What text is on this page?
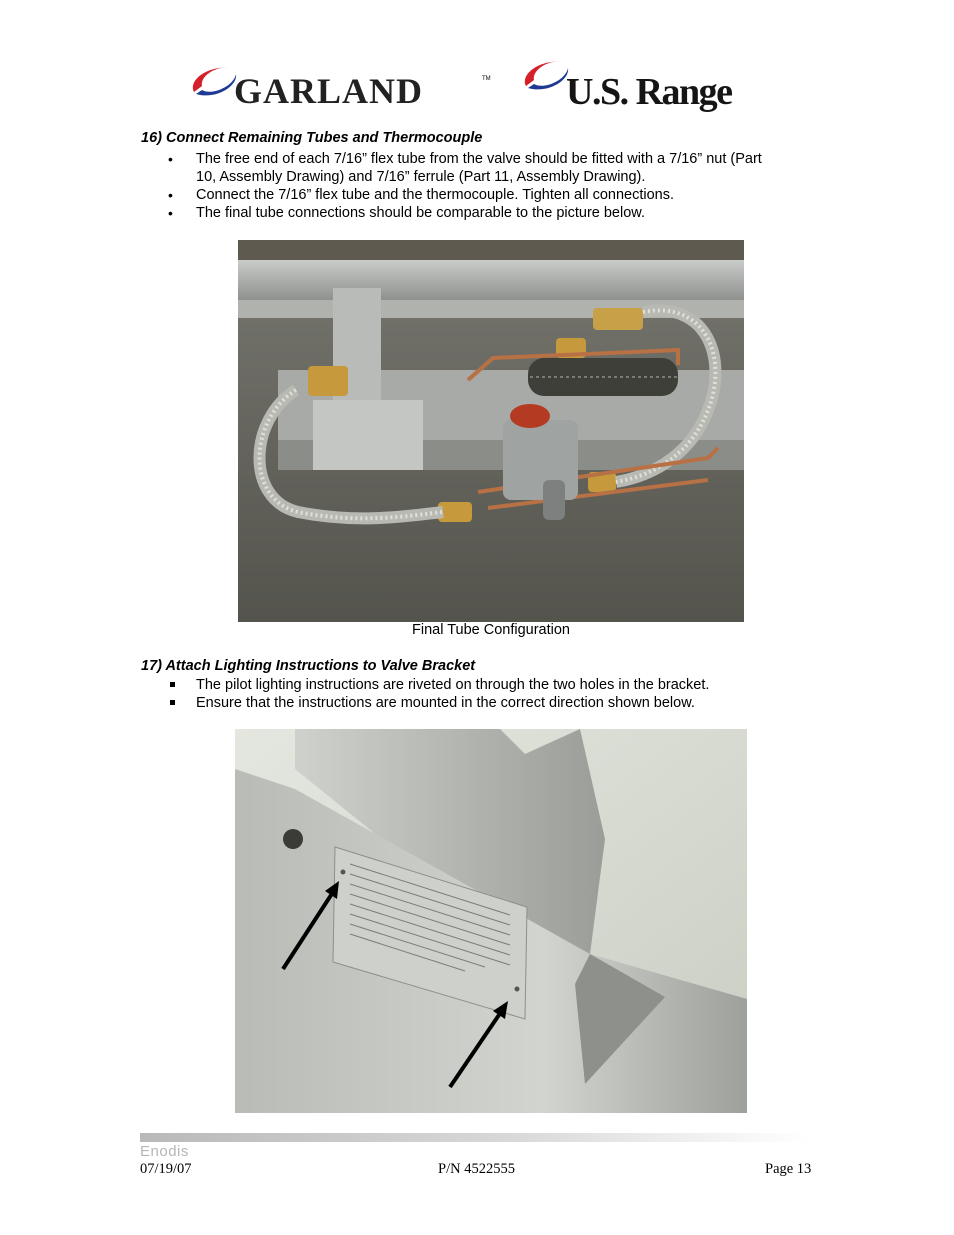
GARLAND	TM U.S. Range
16) Connect Remaining Tubes and Thermocouple
•
The free end of each 7/16” flex tube from the valve should be fitted with a 7/16” nut (Part
10, Assembly Drawing) and 7/16” ferrule (Part 11, Assembly Drawing).
•
Connect the 7/16” flex tube and the thermocouple. Tighten all connections.
•
The final tube connections should be comparable to the picture below.
Final Tube Configuration
17) Attach Lighting Instructions to Valve Bracket
The pilot lighting instructions are riveted on through the two holes in the bracket.
Ensure that the instructions are mounted in the correct direction shown below.
Enodis
07/19/07	P/N 4522555	Page 13
